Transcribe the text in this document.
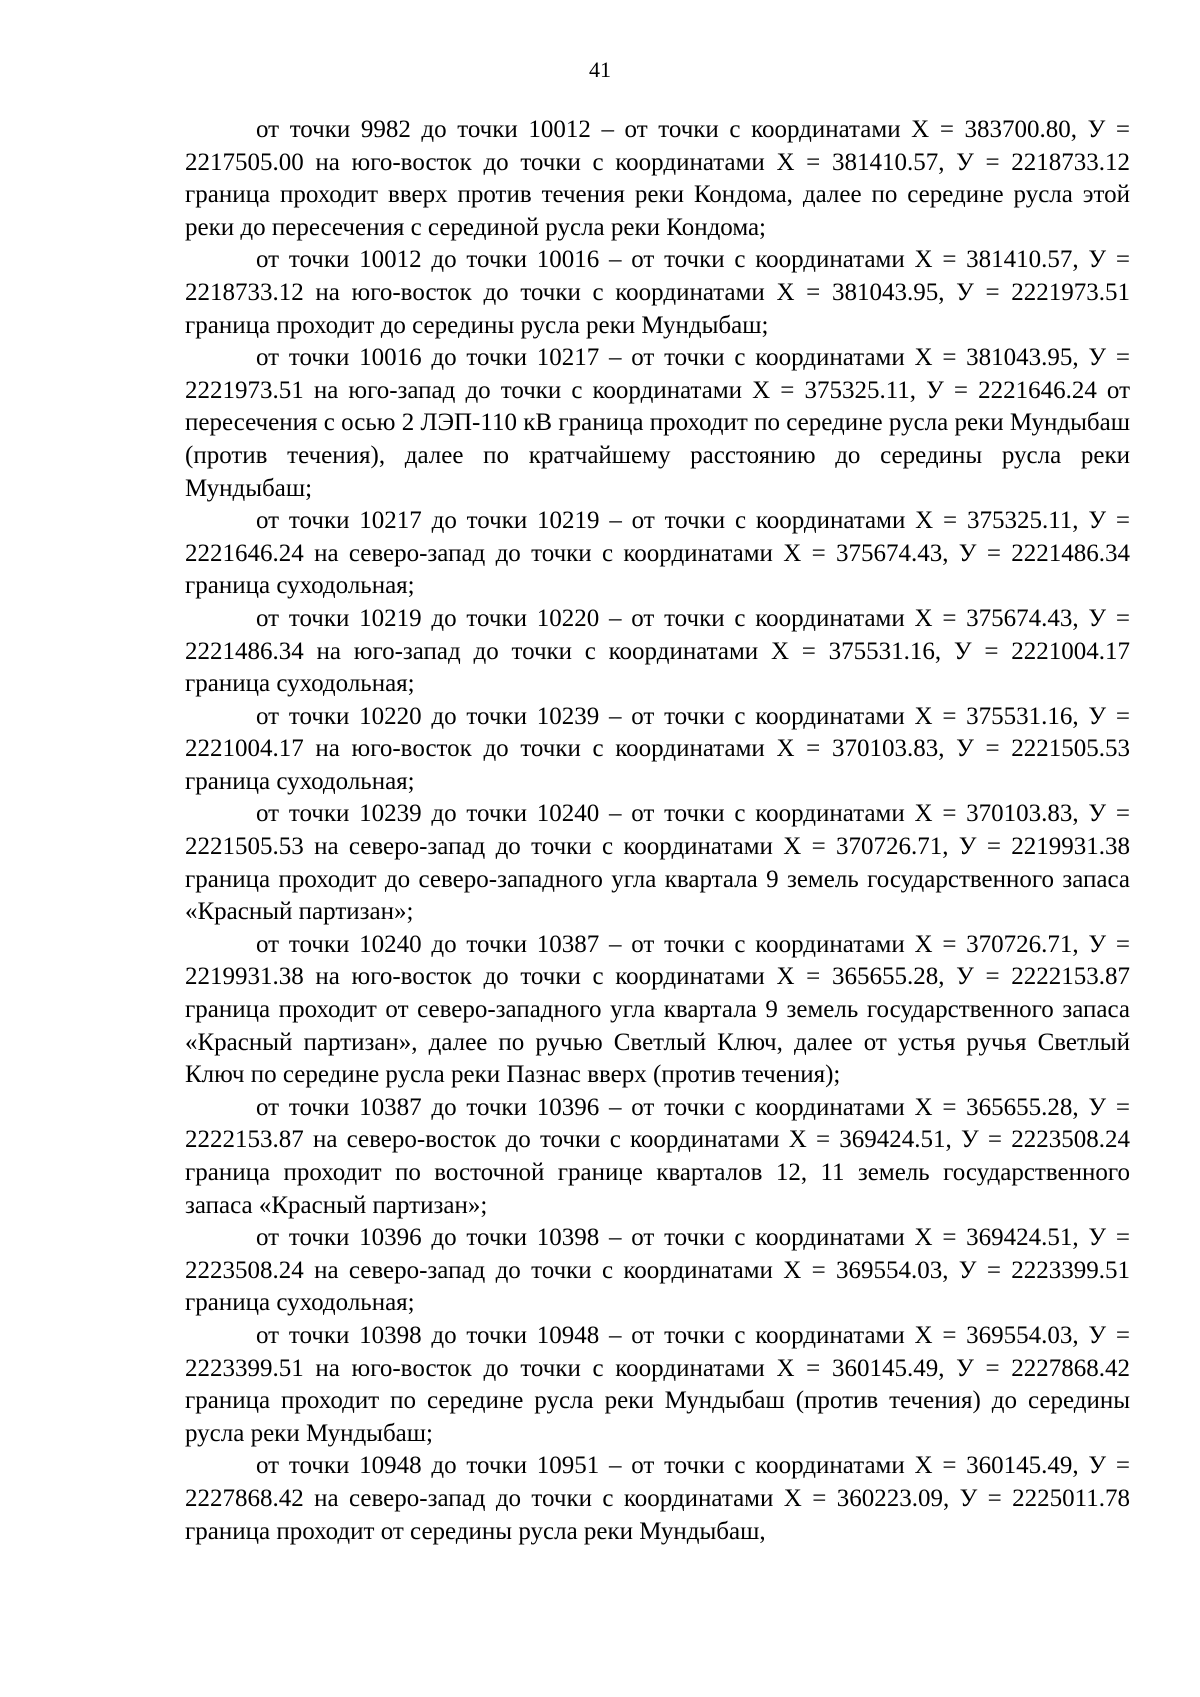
41

от точки 9982 до точки 10012 – от точки с координатами Х = 383700.80, У = 2217505.00 на юго-восток до точки с координатами Х = 381410.57, У = 2218733.12 граница проходит вверх против течения реки Кондома, далее по середине русла этой реки до пересечения с серединой русла реки Кондома;

от точки 10012 до точки 10016 – от точки с координатами Х = 381410.57, У = 2218733.12 на юго-восток до точки с координатами Х = 381043.95, У = 2221973.51 граница проходит до середины русла реки Мундыбаш;

от точки 10016 до точки 10217 – от точки с координатами Х = 381043.95, У = 2221973.51 на юго-запад до точки с координатами Х = 375325.11, У = 2221646.24 от пересечения с осью 2 ЛЭП-110 кВ граница проходит по середине русла реки Мундыбаш (против течения), далее по кратчайшему расстоянию до середины русла реки Мундыбаш;

от точки 10217 до точки 10219 – от точки с координатами Х = 375325.11, У = 2221646.24 на северо-запад до точки с координатами Х = 375674.43, У = 2221486.34 граница суходольная;

от точки 10219 до точки 10220 – от точки с координатами Х = 375674.43, У = 2221486.34 на юго-запад до точки с координатами Х = 375531.16, У = 2221004.17 граница суходольная;

от точки 10220 до точки 10239 – от точки с координатами Х = 375531.16, У = 2221004.17 на юго-восток до точки с координатами Х = 370103.83, У = 2221505.53 граница суходольная;

от точки 10239 до точки 10240 – от точки с координатами Х = 370103.83, У = 2221505.53 на северо-запад до точки с координатами Х = 370726.71, У = 2219931.38 граница проходит до северо-западного угла квартала 9 земель государственного запаса «Красный партизан»;

от точки 10240 до точки 10387 – от точки с координатами Х = 370726.71, У = 2219931.38 на юго-восток до точки с координатами Х = 365655.28, У = 2222153.87 граница проходит от северо-западного угла квартала 9 земель государственного запаса «Красный партизан», далее по ручью Светлый Ключ, далее от устья ручья Светлый Ключ по середине русла реки Пазнас вверх (против течения);

от точки 10387 до точки 10396 – от точки с координатами Х = 365655.28, У = 2222153.87 на северо-восток до точки с координатами Х = 369424.51, У = 2223508.24 граница проходит по восточной границе кварталов 12, 11 земель государственного запаса «Красный партизан»;

от точки 10396 до точки 10398 – от точки с координатами Х = 369424.51, У = 2223508.24 на северо-запад до точки с координатами Х = 369554.03, У = 2223399.51 граница суходольная;

от точки 10398 до точки 10948 – от точки с координатами Х = 369554.03, У = 2223399.51 на юго-восток до точки с координатами Х = 360145.49, У = 2227868.42 граница проходит по середине русла реки Мундыбаш (против течения) до середины русла реки Мундыбаш;

от точки 10948 до точки 10951 – от точки с координатами Х = 360145.49, У = 2227868.42 на северо-запад до точки с координатами Х = 360223.09, У = 2225011.78 граница проходит от середины русла реки Мундыбаш,
